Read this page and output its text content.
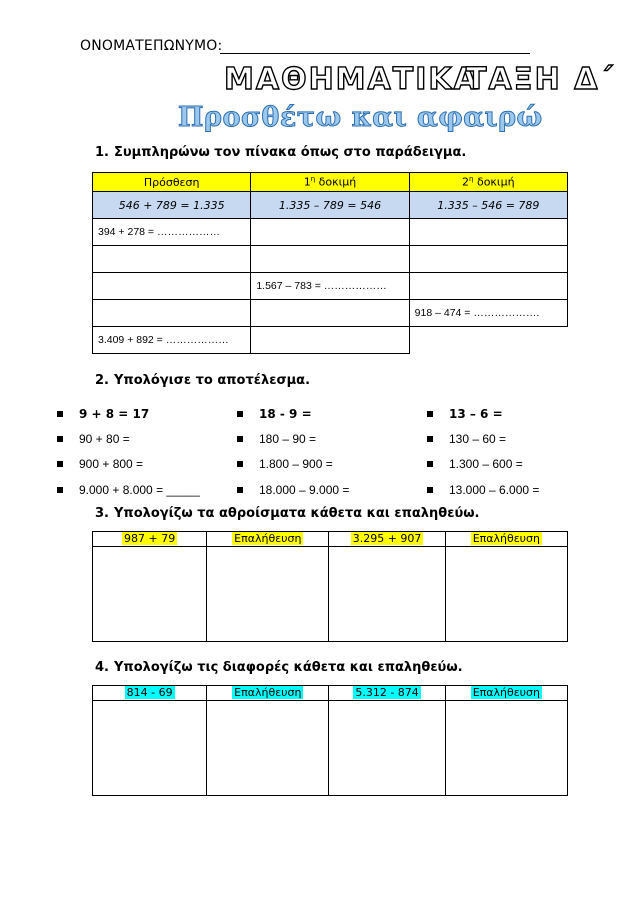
ΟΝΟΜΑΤΕΠΩΝΥΜΟ:
ΜΑΘΗΜΑΤΙΚΑ
ΤΑΞΗ Δ΄
Προσθέτω και αφαιρώ
1. Συμπληρώνω τον πίνακα όπως στο παράδειγμα.
Πρόσθεση	$1^\eta$ δοκιμή	$2^\eta$ δοκιμή
546 + 789 = 1.335	1.335 – 789 = 546	1.335 – 546 = 789
394 + 278 = ………………		

	1.567 – 783 = ………………	
		918 – 474 = ……………….
3.409 + 892 = ………………		
2. Υπολόγισε το αποτέλεσμα.
9 + 8 = 17
90 + 80 =
900 + 800 =
9.000 + 8.000 = _____
18 - 9 =
180 – 90 =
1.800 – 900 =
18.000 – 9.000 =
13 – 6 =
130 – 60 =
1.300 – 600 =
13.000 – 6.000 =
3. Υπολογίζω τα αθροίσματα κάθετα και επαληθεύω.
987 + 79	Επαλήθευση	3.295 + 907	Επαλήθευση

4. Υπολογίζω τις διαφορές κάθετα και επαληθεύω.
814 - 69	Επαλήθευση	5.312 - 874	Επαλήθευση
